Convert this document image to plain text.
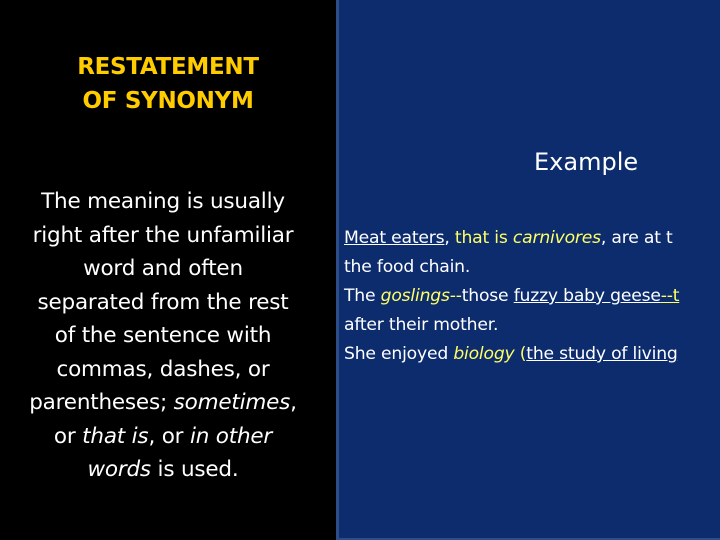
RESTATEMENT
OF SYNONYM
The meaning is usually
right after the unfamiliar
word and often
separated from the rest
of the sentence with
commas, dashes, or
parentheses; sometimes,
or that is, or in other
words is used.
Example
Meat eaters, that is carnivores, are at t
the food chain.
The goslings--those fuzzy baby geese--t
after their mother.
She enjoyed biology (the study of living
